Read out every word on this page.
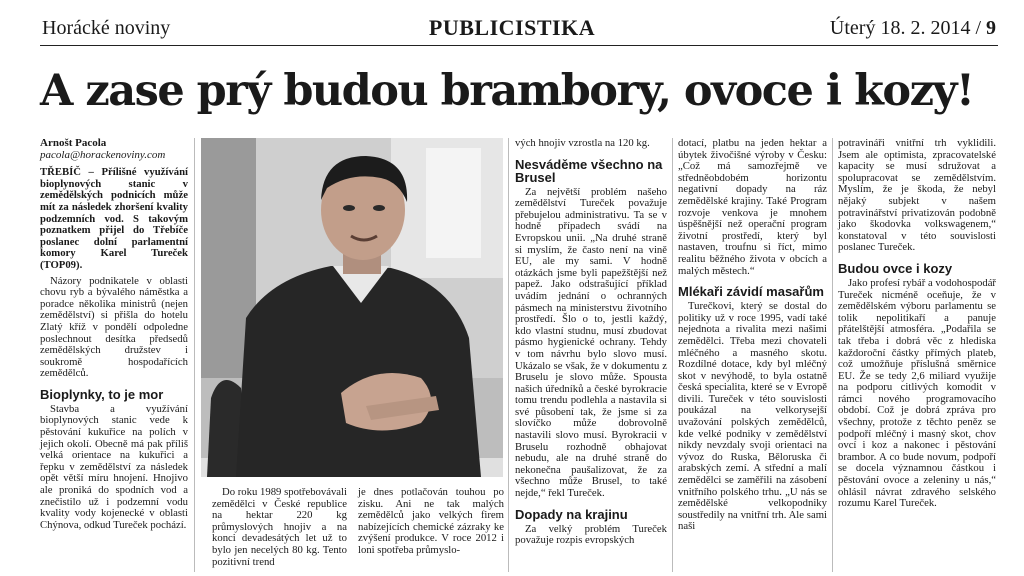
Horácké noviny	PUBLICISTIKA	Úterý 18. 2. 2014 / 9
A zase prý budou brambory, ovoce i kozy!

Arnošt Pacola

pacola@horackenoviny.com

TŘEBÍČ – Přílišné využívání bioplynových stanic v zemědělských podnicích může mít za následek zhoršení kvality podzemních vod. S takovým poznatkem přijel do Třebíče poslanec dolní parlamentní komory Karel Tureček (TOP09).

Názory podnikatele v oblasti chovu ryb a bývalého náměstka a poradce několika ministrů (nejen zemědělství) si přišla do hotelu Zlatý kříž v pondělí odpoledne poslechnout desítka předsedů zemědělských družstev i soukromě hospodařících zemědělců.

Bioplynky, to je mor

Stavba a využívání bioplynových stanic vede k pěstování kukuřice na polích v jejich okolí. Obecně má pak příliš velká orientace na kukuřici a řepku v zemědělství za následek opět větší míru hnojení. Hnojivo ale proniká do spodních vod a znečistilo už i podzemní vodu kvality vody kojenecké v oblasti Chýnova, odkud Tureček pochází.

Do roku 1989 spotřebovávali zemědělci v České republice na hektar 220 kg průmyslových hnojiv a na konci devadesátých let už to bylo jen necelých 80 kg. Tento pozitivní trend

je dnes potlačován touhou po zisku. Ani ne tak malých zemědělců jako velkých firem nabízejících chemické zázraky ke zvýšení produkce. V roce 2012 i loni spotřeba průmyslo-

vých hnojiv vzrostla na 120 kg.

Nesváděme všechno na Brusel

Za největší problém našeho zemědělství Tureček považuje přebujelou administrativu. Ta se v hodně případech svádí na Evropskou unii. „Na druhé straně si myslím, že často není na vině EU, ale my sami. V hodně otázkách jsme byli papežštější než papež. Jako odstrašující příklad uvádím jednání o ochranných pásmech na ministerstvu životního prostředí. Šlo o to, jestli každý, kdo vlastní studnu, musí zbudovat pásmo hygienické ochrany. Tehdy v tom návrhu bylo slovo musí. Ukázalo se však, že v dokumentu z Bruselu je slovo může. Spousta našich úředníků a české byrokracie tomu trendu podlehla a nastavila si své působení tak, že jsme si za slovíčko může dobrovolně nastavili slovo musí. Byrokracii v Bruselu rozhodně obhajovat nebudu, ale na druhé straně do nekonečna paušalizovat, že za všechno může Brusel, to také nejde,“ řekl Tureček.

Dopady na krajinu

Za velký problém Tureček považuje rozpis evropských

dotací, platbu na jeden hektar a úbytek živočišné výroby v Česku: „Což má samozřejmě ve středněobdobém horizontu negativní dopady na ráz zemědělské krajiny. Také Program rozvoje venkova je mnohem úspěšnější než operační program životní prostředí, který byl nastaven, troufnu si říct, mimo realitu běžného života v obcích a malých městech.“

Mlékaři závidí masařům

Turečkovi, který se dostal do politiky už v roce 1995, vadí také nejednota a rivalita mezi našimi zemědělci. Třeba mezi chovateli mléčného a masného skotu. Rozdílné dotace, kdy byl mléčný skot v nevýhodě, to byla ostatně česká specialita, které se v Evropě divili. Tureček v této souvislosti poukázal na velkorysejší uvažování polských zemědělců, kde velké podniky v zemědělství nikdy nevzdaly svoji orientaci na vývoz do Ruska, Běloruska či arabských zemí. A střední a malí zemědělci se zaměřili na zásobení vnitřního polského trhu. „U nás se zemědělské velkopodniky soustředily na vnitřní trh. Ale sami naši

potravináři vnitřní trh vyklidili. Jsem ale optimista, zpracovatelské kapacity se musí sdružovat a spolupracovat se zemědělstvím. Myslím, že je škoda, že nebyl nějaký subjekt v našem potravinářství privatizován podobně jako škodovka volkswagenem,“ konstatoval v této souvislosti poslanec Tureček.

Budou ovce i kozy

Jako profesí rybář a vodohospodář Tureček nicméně oceňuje, že v zemědělském výboru parlamentu se tolik nepolitikaří a panuje přátelštější atmosféra. „Podařila se tak třeba i dobrá věc z hlediska každoroční částky přímých plateb, což umožňuje příslušná směrnice EU. Že se tedy 2,6 miliard využije na podporu citlivých komodit v rámci nového programovacího období. Což je dobrá zpráva pro všechny, protože z těchto peněz se podpoří mléčný i masný skot, chov ovcí i koz a nakonec i pěstování brambor. A co bude novum, podpoří se docela významnou částkou i pěstování ovoce a zeleniny u nás,“ ohlásil návrat zdravého selského rozumu Karel Tureček.
